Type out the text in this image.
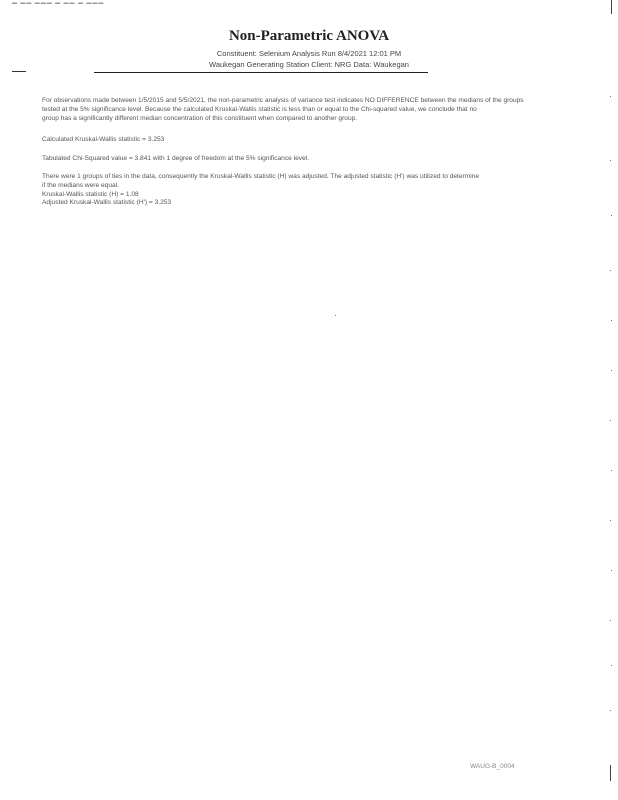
▬ ▬▬ ▬▬▬ ▬ ▬▬ ▬ ▬▬▬
Non-Parametric ANOVA
Constituent: Selenium Analysis Run 8/4/2021 12:01 PM
Waukegan Generating Station Client: NRG Data: Waukegan
For observations made between 1/5/2015 and 5/5/2021, the non-parametric analysis of variance test indicates NO DIFFERENCE between the medians of the groups
tested at the 5% significance level. Because the calculated Kruskal-Wallis statistic is less than or equal to the Chi-squared value, we conclude that no
group has a significantly different median concentration of this constituent when compared to another group.
Calculated Kruskal-Wallis statistic = 3.253
Tabulated Chi-Squared value = 3.841 with 1 degree of freedom at the 5% significance level.
There were 1 groups of ties in the data, consequently the Kruskal-Wallis statistic (H) was adjusted. The adjusted statistic (H') was utilized to determine
if the medians were equal.
Kruskal-Wallis statistic (H) = 1.08
Adjusted Kruskal-Wallis statistic (H') = 3.253
WAUG-B_0004
